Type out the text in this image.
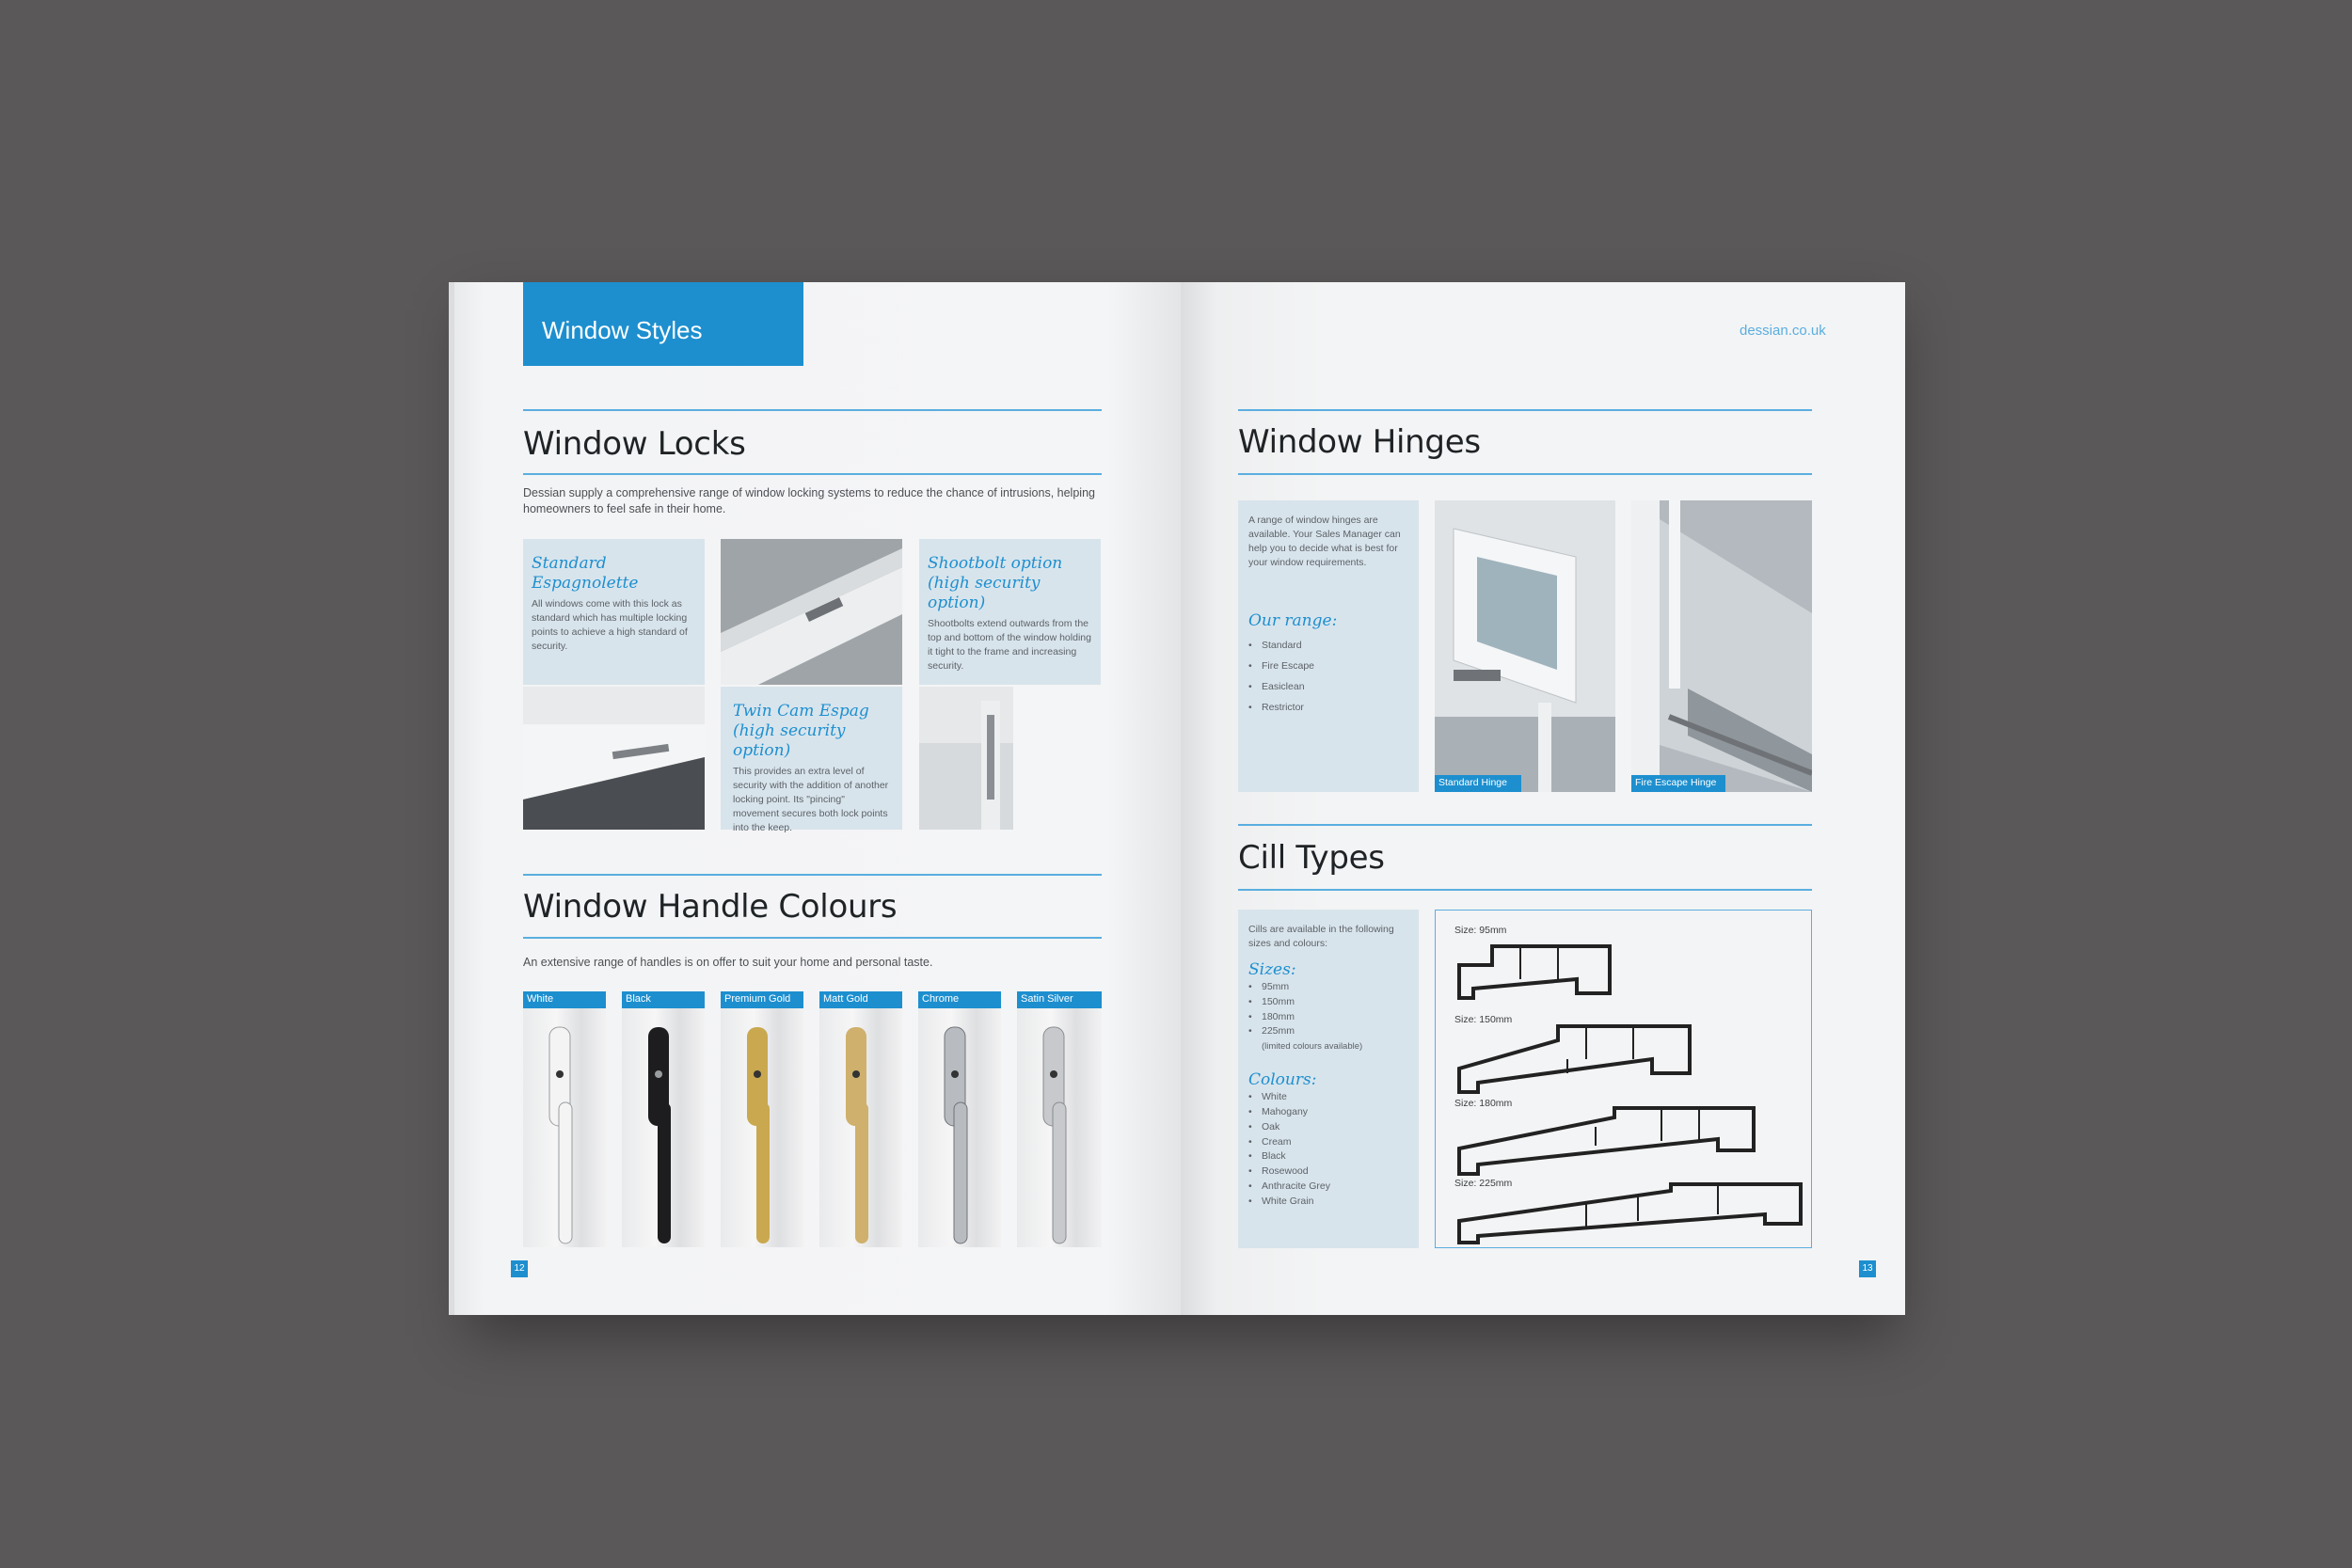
Window Styles
Window Locks
Dessian supply a comprehensive range of window locking systems to reduce the chance of intrusions, helping homeowners to feel safe in their home.
Standard Espagnolette
All windows come with this lock as standard which has multiple locking points to achieve a high standard of security.
Shootbolt option (high security option)
Shootbolts extend outwards from the top and bottom of the window holding it tight to the frame and increasing security.
Twin Cam Espag (high security option)
This provides an extra level of security with the addition of another locking point. Its "pincing" movement secures both lock points into the keep.
Window Handle Colours
An extensive range of handles is on offer to suit your home and personal taste.
White	Black	Premium Gold	Matt Gold	Chrome	Satin Silver
12
dessian.co.uk
Window Hinges
A range of window hinges are available. Your Sales Manager can help you to decide what is best for your window requirements.
Our range:
• Standard
• Fire Escape
• Easiclean
• Restrictor
Standard Hinge	Fire Escape Hinge
Cill Types
Cills are available in the following sizes and colours:
Sizes:
• 95mm
• 150mm
• 180mm
• 225mm
(limited colours available)
Colours:
• White
• Mahogany
• Oak
• Cream
• Black
• Rosewood
• Anthracite Grey
• White Grain
Size: 95mm
Size: 150mm
Size: 180mm
Size: 225mm
13
